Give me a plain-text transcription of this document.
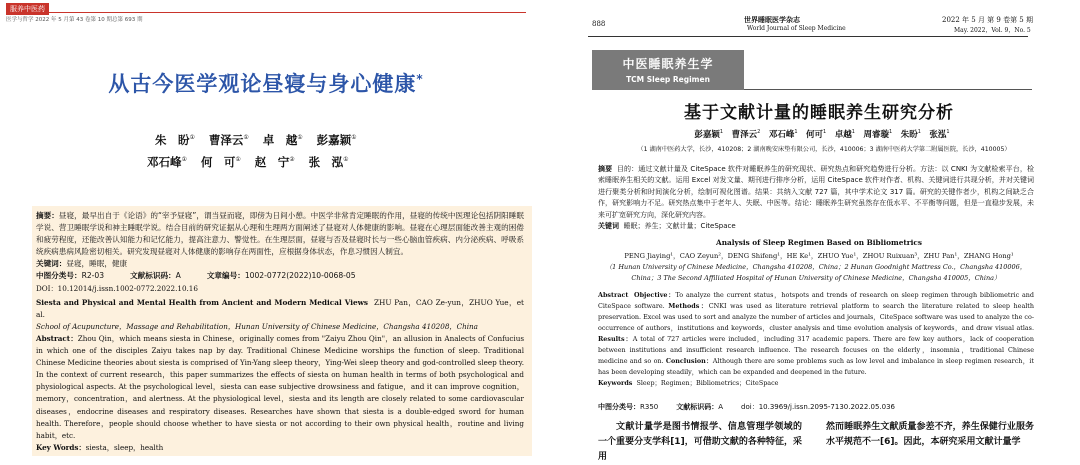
服养中医药
医学与哲学 2022 年 5 月第 43 卷第 10 期总第 693 期
从古今医学观论昼寝与身心健康*
朱　盼① 曹泽云① 卓　越① 彭嘉颖①
邓石峰① 何　可① 赵　宁② 张　泓①

摘要：昼寝，最早出自于《论语》的“宰予昼寝”，谓当昼而寝，即傍为日间小憩。中医学非常肯定睡眠的作用，昼寝的传统中医理论包括阴阳睡眠学说、营卫睡眠学说和神主睡眠学说。结合目前的研究证据从心理和生理两方面阐述了昼寝对人体健康的影响。昼寝在心理层面能改善主观的困倦和疲劳程度，还能改善认知能力和记忆能力，提高注意力、警觉性。在生理层面，昼寝与否及昼寝时长与一些心脑血管疾病、内分泌疾病、呼吸系统疾病患病风险密切相关。研究发现昼寝对人体健康的影响存在两面性，应根据身体状态，作息习惯因人制宜。

关键词：昼寝，睡眠，健康

中图分类号：R2-03	文献标识码：A	文章编号：1002-0772(2022)10-0068-05

DOI：10.12014/j.issn.1002-0772.2022.10.16

Siesta and Physical and Mental Health from Ancient and Modern Medical Views ZHU Pan，CAO Ze-yun，ZHUO Yue，et al.

School of Acupuncture，Massage and Rehabilitation，Hunan University of Chinese Medicine，Changsha 410208，China

Abstract：Zhou Qin，which means siesta in Chinese，originally comes from "Zaiyu Zhou Qin"，an allusion in Analects of Confucius in which one of the disciples Zaiyu takes nap by day. Traditional Chinese Medicine worships the function of sleep. Traditional Chinese Medicine theories about siesta is comprised of Yin-Yang sleep theory，Ying-Wei sleep theory and god-controlled sleep theory. In the context of current research，this paper summarizes the effects of siesta on human health in terms of both psychological and physiological aspects. At the psychological level，siesta can ease subjective drowsiness and fatigue，and it can improve cognition，memory，concentration，and alertness. At the physiological level，siesta and its length are closely related to some cardiovascular diseases，endocrine diseases and respiratory diseases. Researches have shown that siesta is a double-edged sword for human health. Therefore，people should choose whether to have siesta or not according to their own physical health，routine and living habit，etc.

Key Words：siesta，sleep，health

888	世界睡眠医学杂志
World Journal of Sleep Medicine
2022 年 5 月 第 9 卷第 5 期
May. 2022，Vol. 9，No. 5
中医睡眠养生学
TCM Sleep Regimen
基于文献计量的睡眠养生研究分析
彭嘉颖$^1$　 曹泽云$^2$　 邓石峰$^1$　 何可$^1$　 卓越$^1$　 周睿璇$^1$　 朱盼$^1$　 张泓$^1$
（1 湖南中医药大学，长沙，410208；2 湖南晚安床垫有限公司，长沙，410006；3 湖南中医药大学第二附属医院，长沙，410005）
摘要 目的：通过文献计量及 CiteSpace 软件对睡眠养生的研究现状、研究热点和研究趋势进行分析。方法：以 CNKI 为文献检索平台，检索睡眠养生相关的文献。运用 Excel 对发文量、期刊进行排序分析，运用 CiteSpace 软件对作者、机构、关键词进行共现分析，并对关键词进行聚类分析和时间演化分析，绘制可视化图谱。结果：共纳入文献 727 篇，其中学术论文 317 篇。研究的关键作者少，机构之间缺乏合作，研究影响力不足。研究热点集中于老年人、失眠、中医等。结论：睡眠养生研究虽然存在低水平、不平衡等问题，但是一直稳步发展，未来可扩宽研究方向，深化研究内容。
关键词 睡眠；养生；文献计量；CiteSpace
Analysis of Sleep Regimen Based on Bibliometrics
PENG Jiaying¹，CAO Zeyun²，DENG Shifeng¹，HE Ke¹，ZHUO Yue¹，ZHOU Ruixuan³，ZHU Pan¹，ZHANG Hong¹
（1 Hunan University of Chinese Medicine，Changsha 410208，China；2 Hunan Goodnight Mattress Co.，Changsha 410006，China；3 The Second Affiliated Hospital of Hunan University of Chinese Medicine，Changsha 410005，China）
Abstract Objective：To analyze the current status，hotspots and trends of research on sleep regimen through bibliometric and CiteSpace software. Methods：CNKI was used as literature retrieval platform to search the literature related to sleep health preservation. Excel was used to sort and analyze the number of articles and journals，CiteSpace software was used to analyze the co-occurrence of authors，institutions and keywords，cluster analysis and time evolution analysis of keywords，and draw visual atlas. Results：A total of 727 articles were included，including 317 academic papers. There are few key authors，lack of cooperation between institutions and insufficient research influence. The research focuses on the elderly，insomnia，traditional Chinese medicine and so on. Conclusion：Although there are some problems such as low level and imbalance in sleep regimen research，it has been developing steadily，which can be expanded and deepened in the future.
Keywords Sleep；Regimen；Bibliometrics；CiteSpace
中图分类号：R350	文献标识码：A	doi：10.3969/j.issn.2095-7130.2022.05.036
文献计量学是图书情报学、信息管理学领域的一个重要分支学科[1]，可借助文献的各种特征，采用
然而睡眠养生文献质量参差不齐，养生保健行业服务水平规范不一[6]。因此，本研究采用文献计量学
